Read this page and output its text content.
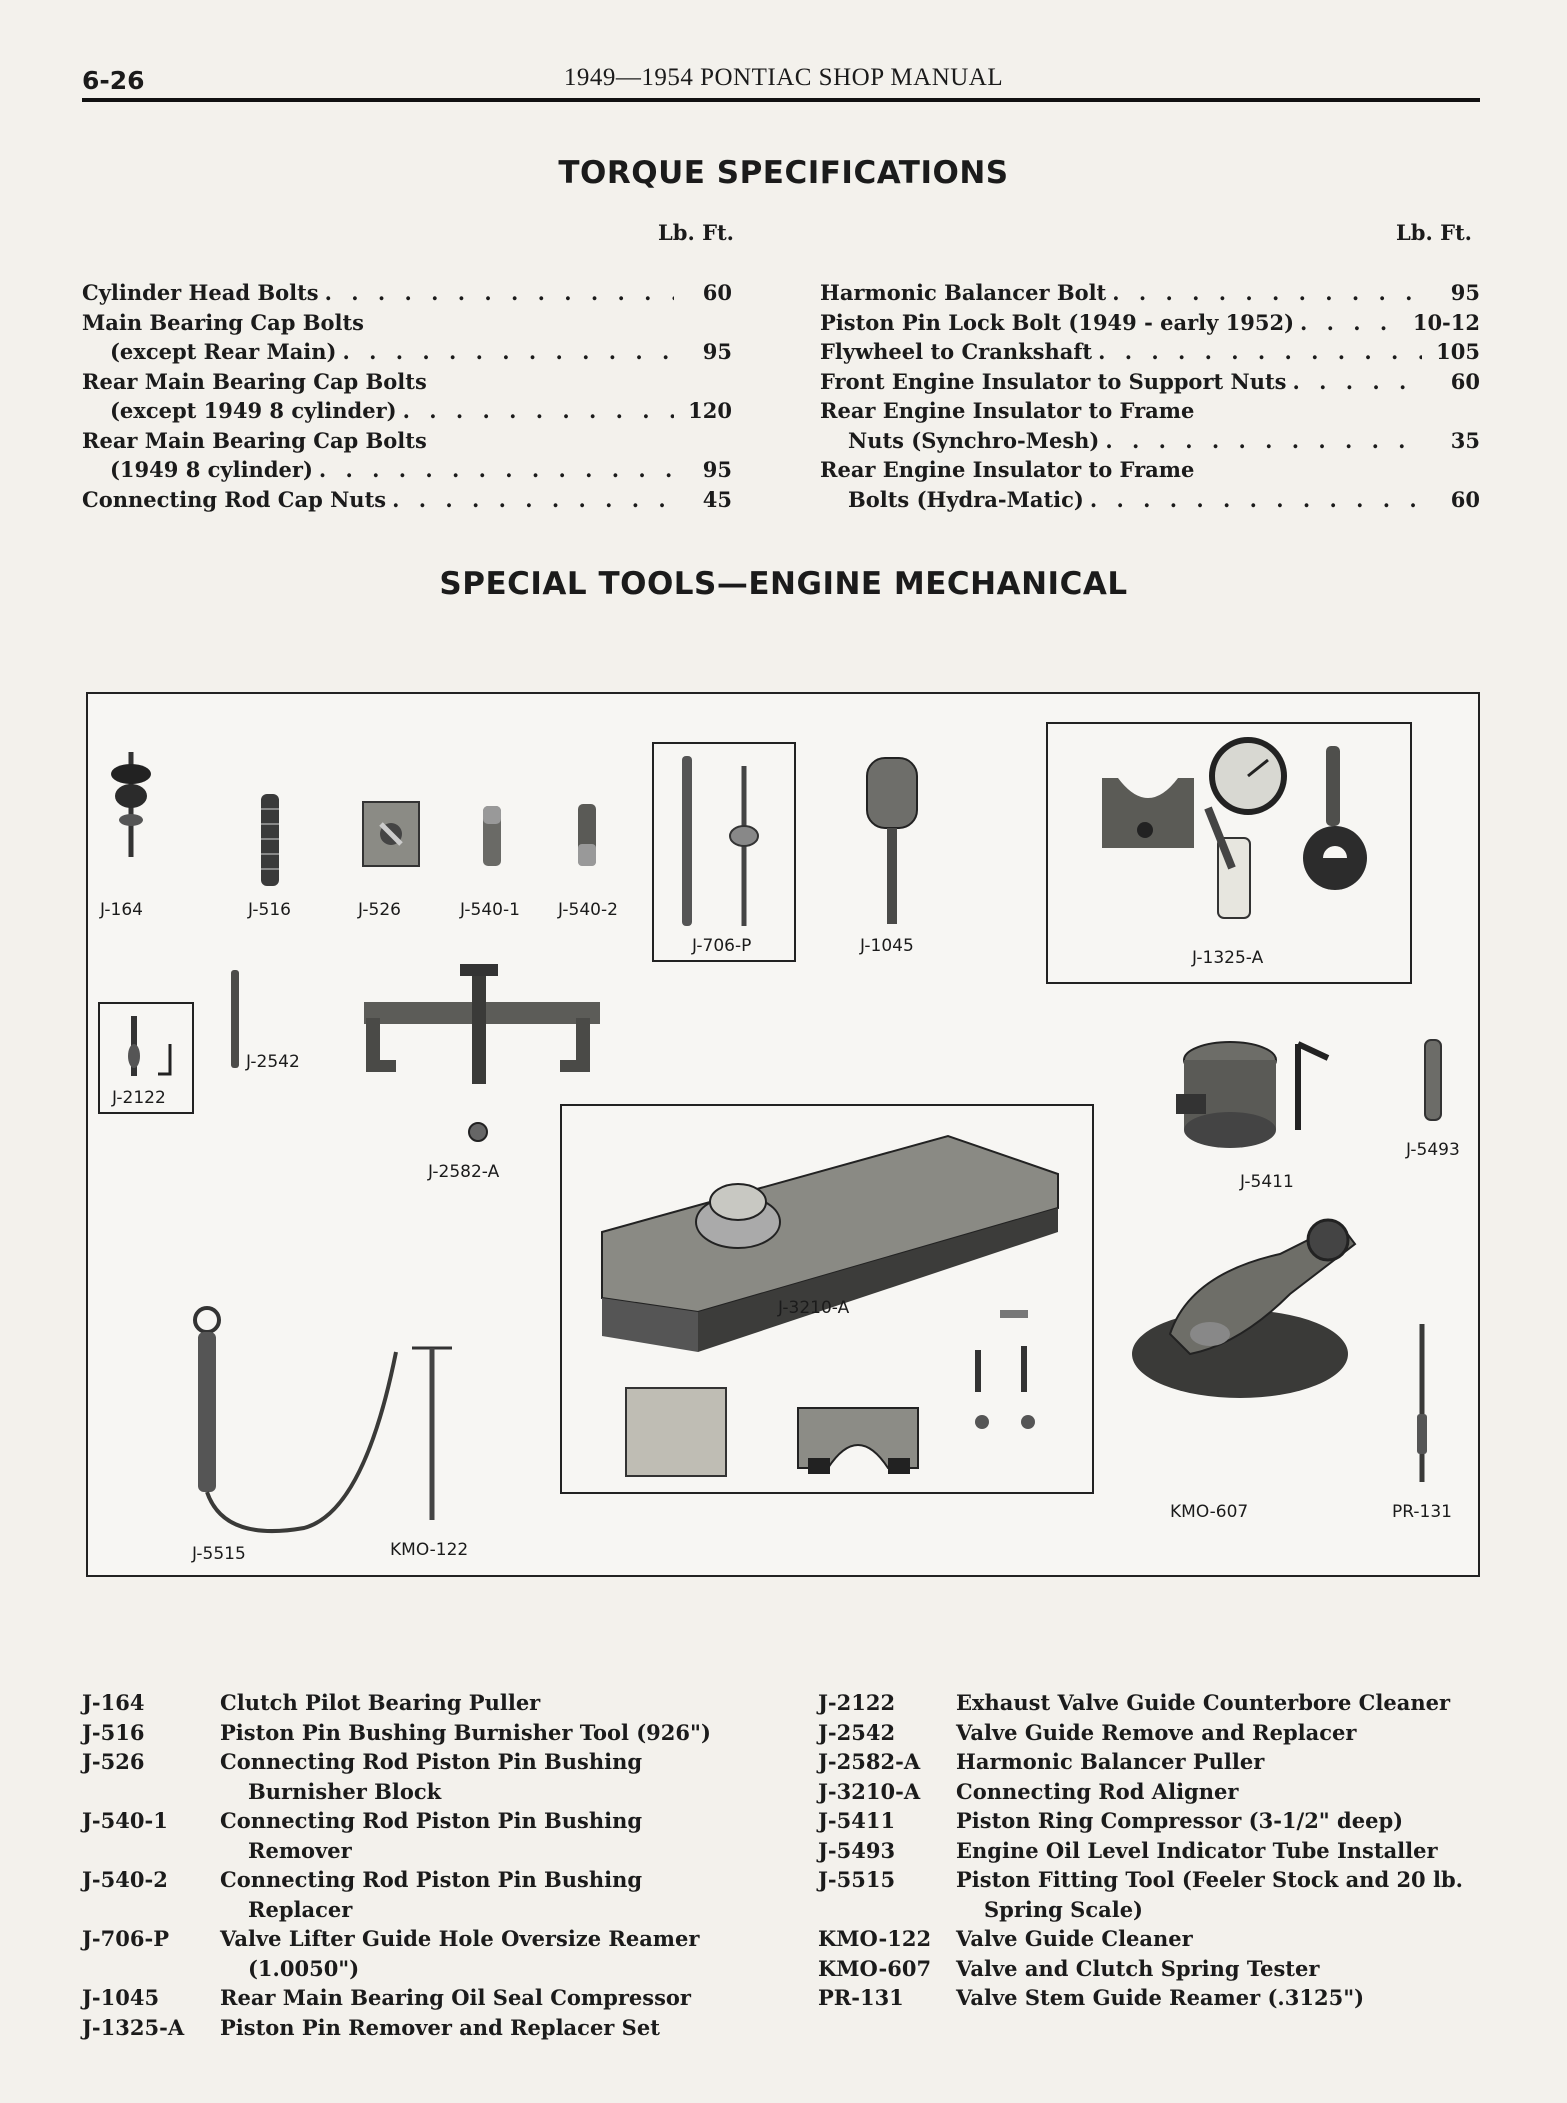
6-26	1949—1954 PONTIAC SHOP MANUAL
TORQUE SPECIFICATIONS
Lb. Ft.	Lb. Ft.
Cylinder Head Bolts . . .	60
Main Bearing Cap Bolts
(except Rear Main) . . .	95
Rear Main Bearing Cap Bolts
(except 1949 8 cylinder) . . .	120
Rear Main Bearing Cap Bolts
(1949 8 cylinder) . . .	95
Connecting Rod Cap Nuts . . .	45
Harmonic Balancer Bolt . . .	95
Piston Pin Lock Bolt (1949 - early 1952) . . .	10-12
Flywheel to Crankshaft . . .	105
Front Engine Insulator to Support Nuts . . .	60
Rear Engine Insulator to Frame
Nuts (Synchro-Mesh) . . .	35
Rear Engine Insulator to Frame
Bolts (Hydra-Matic) . . .	60
SPECIAL TOOLS—ENGINE MECHANICAL
J-164	J-516	J-526	J-540-1 J-540-2
J-706-P	J-1045
J-1325-A
J-2122
J-2542
J-2582-A	J-5411
J-5493
J-3210-A
KMO-607	PR-131
J-5515	KMO-122
J-164	Clutch Pilot Bearing Puller
J-516	Piston Pin Bushing Burnisher Tool (926")
J-526	Connecting Rod Piston Pin Bushing Burnisher Block
J-540-1	Connecting Rod Piston Pin Bushing Remover
J-540-2	Connecting Rod Piston Pin Bushing Replacer
J-706-P	Valve Lifter Guide Hole Oversize Reamer (1.0050")
J-1045	Rear Main Bearing Oil Seal Compressor
J-1325-A	Piston Pin Remover and Replacer Set
J-2122	Exhaust Valve Guide Counterbore Cleaner
J-2542	Valve Guide Remove and Replacer
J-2582-A	Harmonic Balancer Puller
J-3210-A	Connecting Rod Aligner
J-5411	Piston Ring Compressor (3-1/2" deep)
J-5493	Engine Oil Level Indicator Tube Installer
J-5515	Piston Fitting Tool (Feeler Stock and 20 lb. Spring Scale)
KMO-122	Valve Guide Cleaner
KMO-607	Valve and Clutch Spring Tester
PR-131	Valve Stem Guide Reamer (.3125")
